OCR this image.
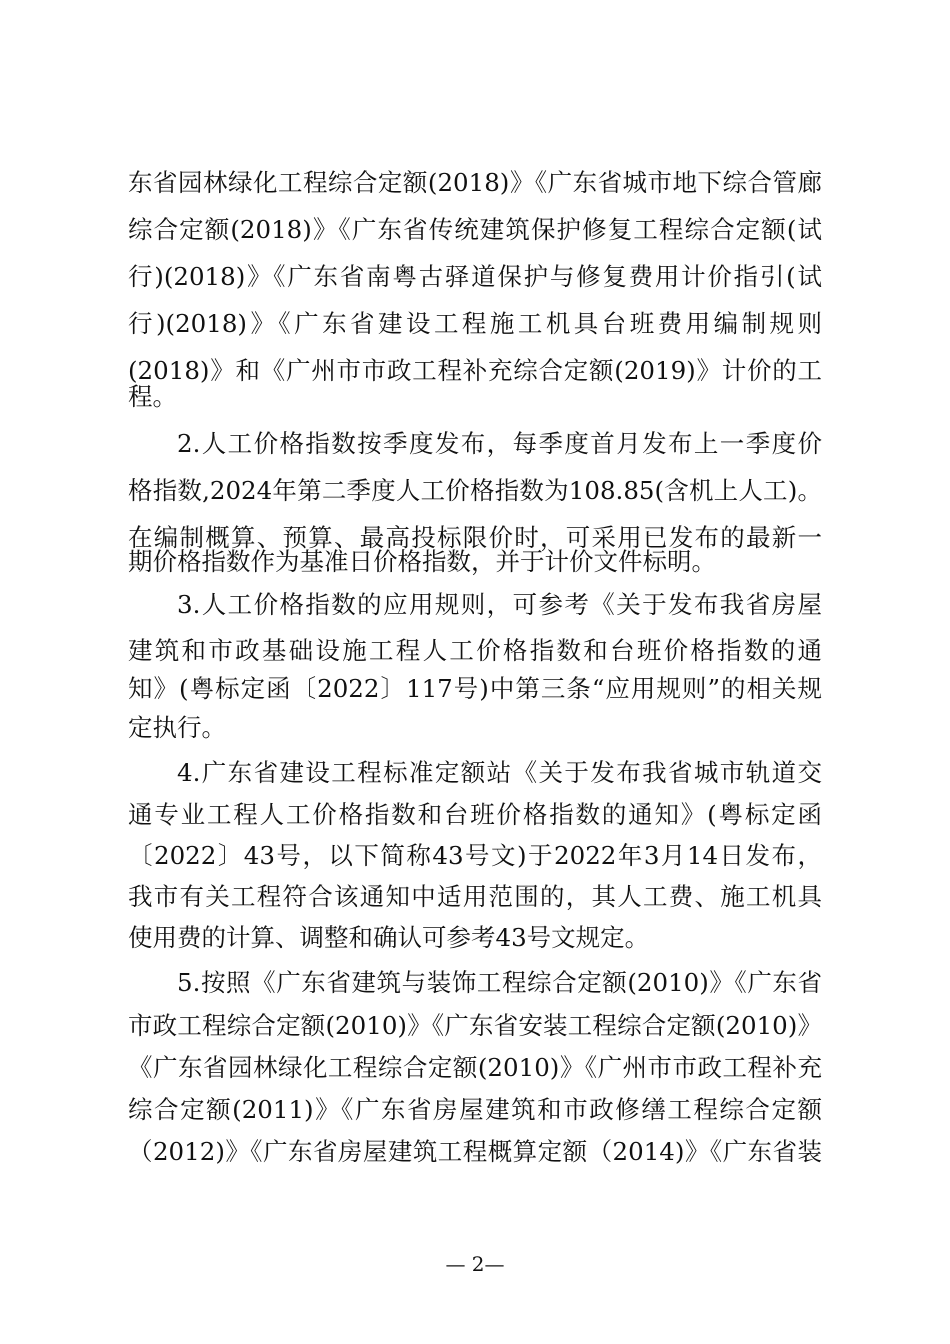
东省园林绿化工程综合定额(2018)》《广东省城市地下综合管廊
综合定额(2018)》《广东省传统建筑保护修复工程综合定额(试
行)(2018)》《广东省南粤古驿道保护与修复费用计价指引(试
行)(2018)》《广东省建设工程施工机具台班费用编制规则
(2018)》和《广州市市政工程补充综合定额(2019)》计价的工
程。
2.人工价格指数按季度发布，每季度首月发布上一季度价
格指数,2024年第二季度人工价格指数为108.85(含机上人工)。
在编制概算、预算、最高投标限价时，可采用已发布的最新一
期价格指数作为基准日价格指数，并于计价文件标明。
3.人工价格指数的应用规则，可参考《关于发布我省房屋
建筑和市政基础设施工程人工价格指数和台班价格指数的通
知》(粤标定函〔2022〕117号)中第三条“应用规则”的相关规
定执行。
4.广东省建设工程标准定额站《关于发布我省城市轨道交
通专业工程人工价格指数和台班价格指数的通知》(粤标定函
〔2022〕43号，以下简称43号文)于2022年3月14日发布，
我市有关工程符合该通知中适用范围的，其人工费、施工机具
使用费的计算、调整和确认可参考43号文规定。
5.按照《广东省建筑与装饰工程综合定额(2010)》《广东省
市政工程综合定额(2010)》《广东省安装工程综合定额(2010)》
《广东省园林绿化工程综合定额(2010)》《广州市市政工程补充
综合定额(2011)》《广东省房屋建筑和市政修缮工程综合定额
（2012)》《广东省房屋建筑工程概算定额（2014)》《广东省装
— 2—
